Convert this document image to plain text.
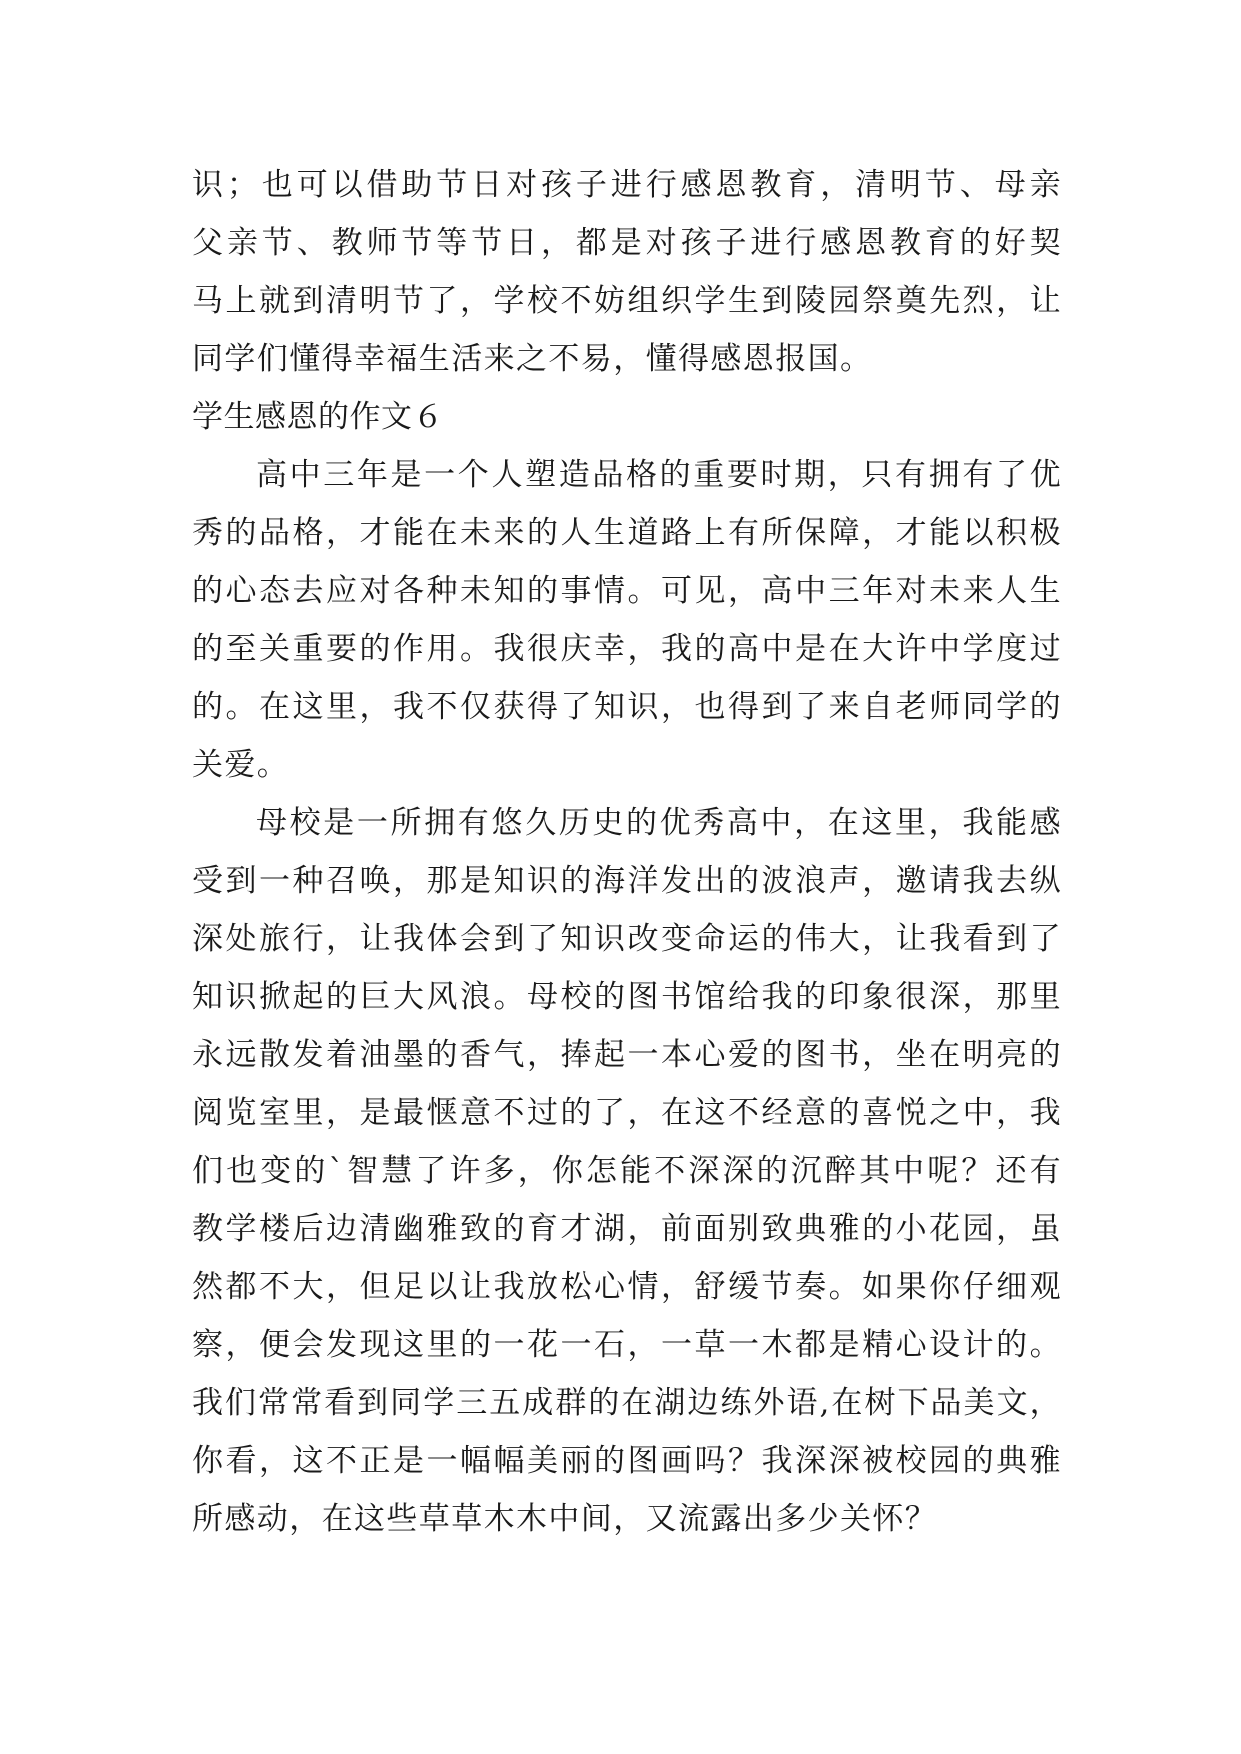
识；也可以借助节日对孩子进行感恩教育，清明节、母亲
父亲节、教师节等节日，都是对孩子进行感恩教育的好契
马上就到清明节了，学校不妨组织学生到陵园祭奠先烈，让
同学们懂得幸福生活来之不易，懂得感恩报国。
学生感恩的作文６
高中三年是一个人塑造品格的重要时期，只有拥有了优
秀的品格，才能在未来的人生道路上有所保障，才能以积极
的心态去应对各种未知的事情。可见，高中三年对未来人生
的至关重要的作用。我很庆幸，我的高中是在大许中学度过
的。在这里，我不仅获得了知识，也得到了来自老师同学的
关爱。
母校是一所拥有悠久历史的优秀高中，在这里，我能感
受到一种召唤，那是知识的海洋发出的波浪声，邀请我去纵
深处旅行，让我体会到了知识改变命运的伟大，让我看到了
知识掀起的巨大风浪。母校的图书馆给我的印象很深，那里
永远散发着油墨的香气，捧起一本心爱的图书，坐在明亮的
阅览室里，是最惬意不过的了，在这不经意的喜悦之中，我
们也变的`智慧了许多，你怎能不深深的沉醉其中呢？还有
教学楼后边清幽雅致的育才湖，前面别致典雅的小花园，虽
然都不大，但足以让我放松心情，舒缓节奏。如果你仔细观
察，便会发现这里的一花一石，一草一木都是精心设计的。
我们常常看到同学三五成群的在湖边练外语,在树下品美文，
你看，这不正是一幅幅美丽的图画吗？我深深被校园的典雅
所感动，在这些草草木木中间，又流露出多少关怀？
